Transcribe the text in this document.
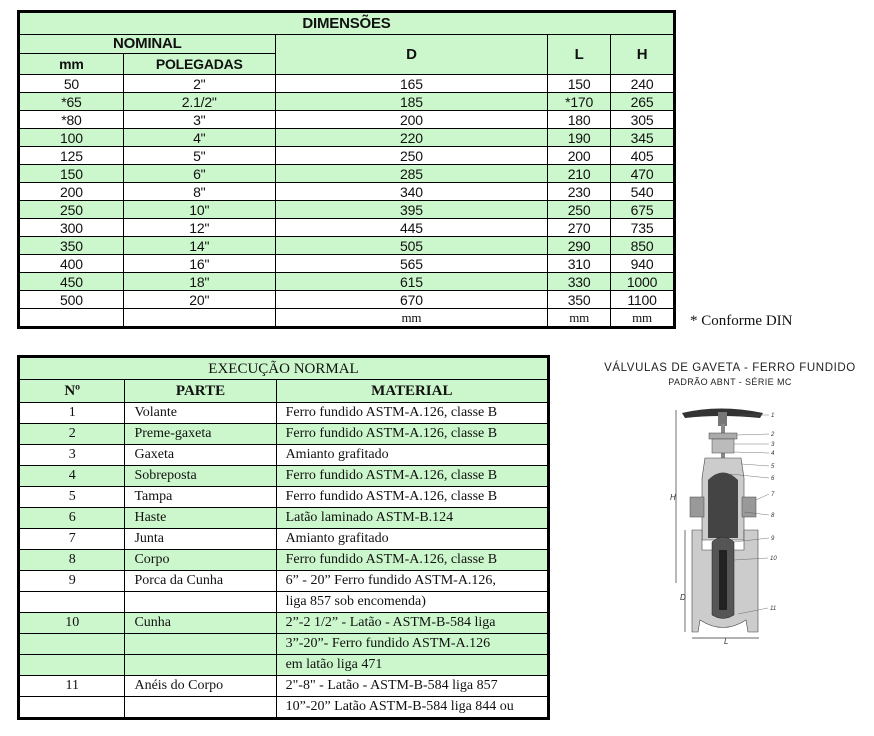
DIMENSÕES				
NOMINAL		D	L	H
mm	POLEGADAS			
50	2"	165	150	240
*65	2.1/2"	185	*170	265
*80	3"	200	180	305
100	4"	220	190	345
125	5"	250	200	405
150	6"	285	210	470
200	8"	340	230	540
250	10"	395	250	675
300	12"	445	270	735
350	14"	505	290	850
400	16"	565	310	940
450	18"	615	330	1000
500	20"	670	350	1100
		mm	mm	mm	* Conforme DIN
EXECUÇÃO NORMAL		
Nº	PARTE	MATERIAL
1	Volante	Ferro fundido ASTM-A.126, classe B
2	Preme-gaxeta	Ferro fundido ASTM-A.126, classe B
3	Gaxeta	Amianto grafitado
4	Sobreposta	Ferro fundido ASTM-A.126, classe B
5	Tampa	Ferro fundido ASTM-A.126, classe B
6	Haste	Latão laminado ASTM-B.124
7	Junta	Amianto grafitado
8	Corpo	Ferro fundido ASTM-A.126, classe B
9	Porca da Cunha	6” - 20” Ferro fundido ASTM-A.126,
		liga 857 sob encomenda)
10	Cunha	2”-2 1/2” - Latão - ASTM-B-584 liga
		3”-20”- Ferro fundido ASTM-A.126
		em latão liga 471
11	Anéis do Corpo	2"-8" - Latão - ASTM-B-584 liga 857
		10”-20” Latão ASTM-B-584 liga 844 ou
VÁLVULAS DE GAVETA - FERRO FUNDIDO
PADRÃO ABNT - SÉRIE MC
H
D
L
1
2
3
4
5
6
7
8
9
10
11
